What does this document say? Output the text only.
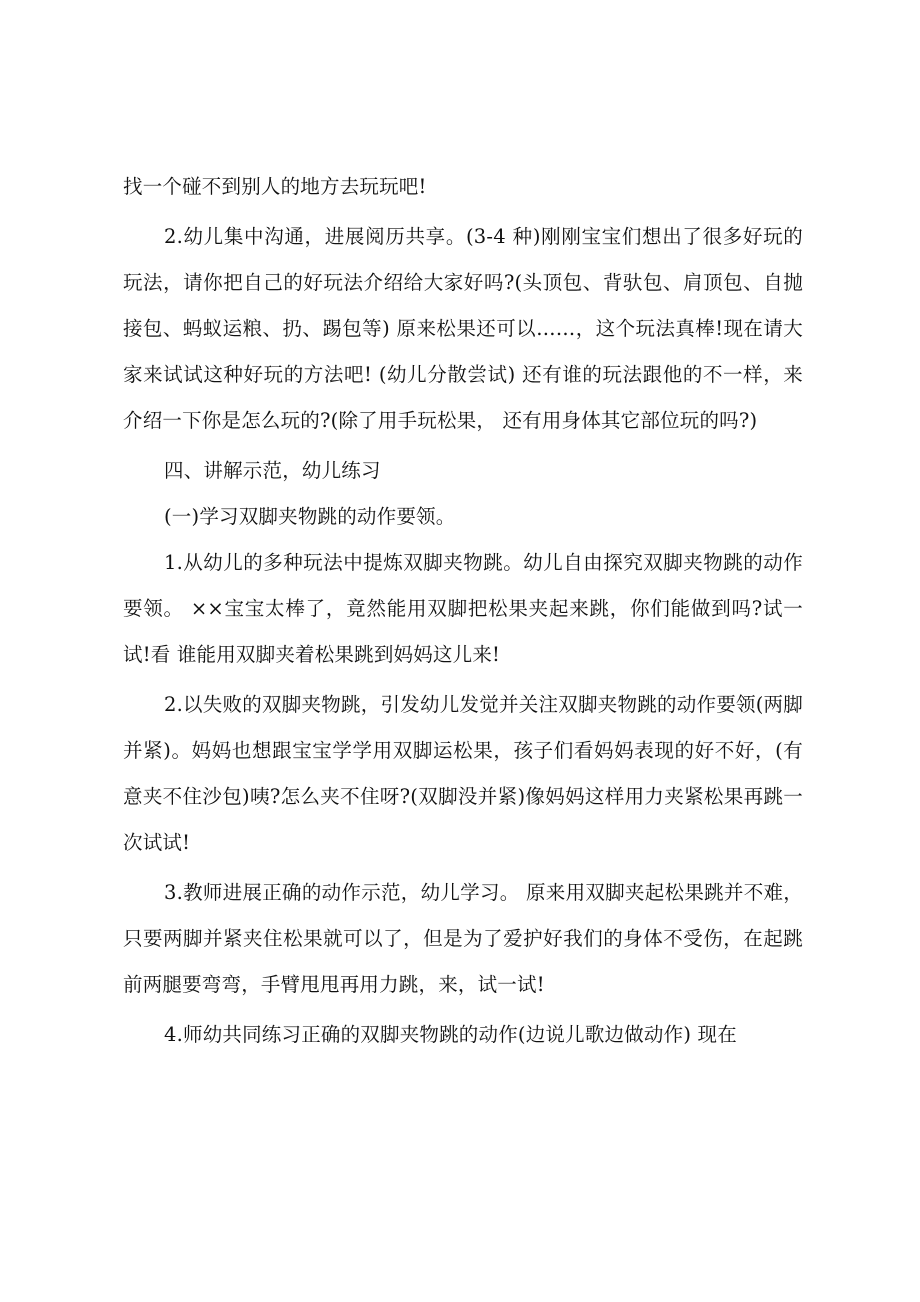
找一个碰不到别人的地方去玩玩吧!

2.幼儿集中沟通，进展阅历共享。(3-4 种)刚刚宝宝们想出了很多好玩的玩法，请你把自己的好玩法介绍给大家好吗?(头顶包、背驮包、肩顶包、自抛接包、蚂蚁运粮、扔、踢包等) 原来松果还可以……，这个玩法真棒!现在请大家来试试这种好玩的方法吧! (幼儿分散尝试) 还有谁的玩法跟他的不一样，来介绍一下你是怎么玩的?(除了用手玩松果， 还有用身体其它部位玩的吗?)

四、讲解示范，幼儿练习

(一)学习双脚夹物跳的动作要领。

1.从幼儿的多种玩法中提炼双脚夹物跳。幼儿自由探究双脚夹物跳的动作要领。 ××宝宝太棒了，竟然能用双脚把松果夹起来跳，你们能做到吗?试一试!看 谁能用双脚夹着松果跳到妈妈这儿来!

2.以失败的双脚夹物跳，引发幼儿发觉并关注双脚夹物跳的动作要领(两脚并紧)。妈妈也想跟宝宝学学用双脚运松果，孩子们看妈妈表现的好不好，(有意夹不住沙包)咦?怎么夹不住呀?(双脚没并紧)像妈妈这样用力夹紧松果再跳一次试试!

3.教师进展正确的动作示范，幼儿学习。 原来用双脚夹起松果跳并不难，只要两脚并紧夹住松果就可以了，但是为了爱护好我们的身体不受伤，在起跳前两腿要弯弯，手臂甩甩再用力跳，来，试一试!

4.师幼共同练习正确的双脚夹物跳的动作(边说儿歌边做动作) 现在
